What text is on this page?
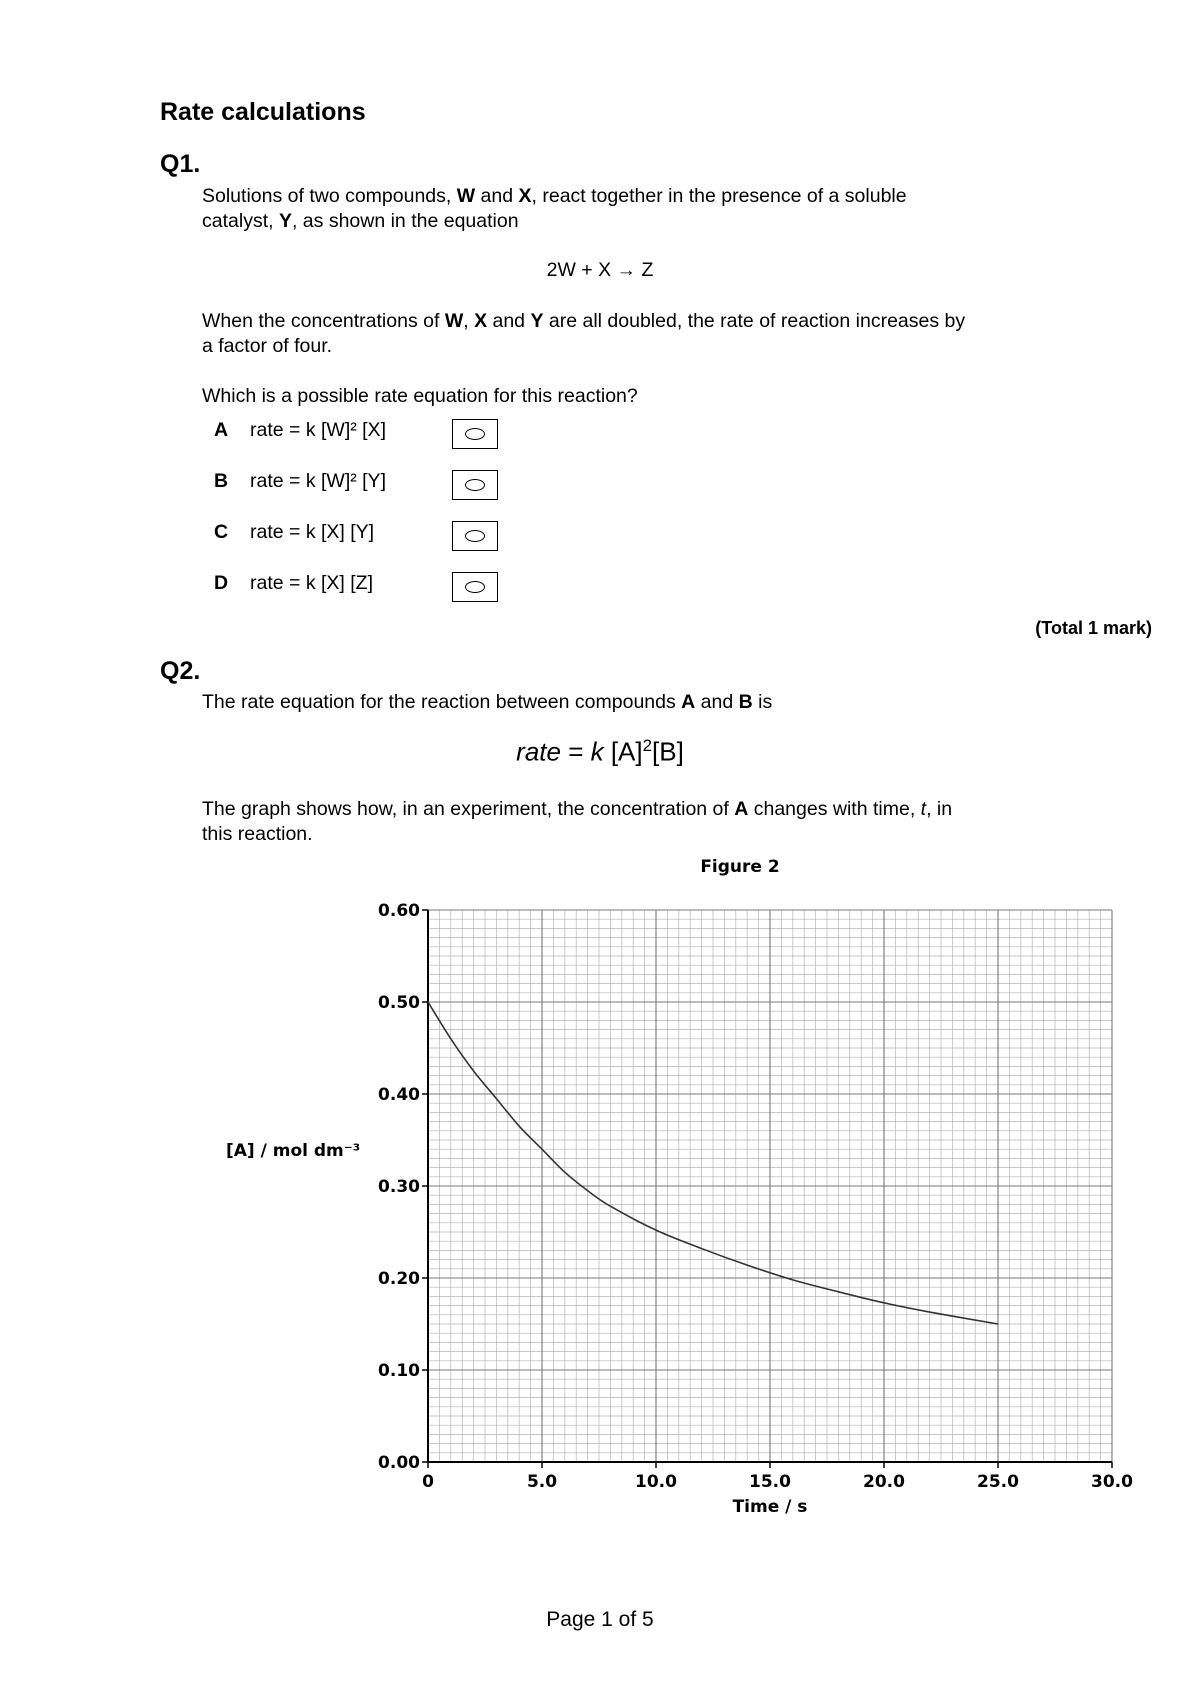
Rate calculations
Q1.
Solutions of two compounds, W and X, react together in the presence of a soluble
catalyst, Y, as shown in the equation
2W + X → Z
When the concentrations of W, X and Y are all doubled, the rate of reaction increases by
a factor of four.
Which is a possible rate equation for this reaction?
A rate = k [W]² [X]
B rate = k [W]² [Y]
C rate = k [X] [Y]
D rate = k [X] [Z]
(Total 1 mark)
Q2.
The rate equation for the reaction between compounds A and B is
rate = k $[A]^2[B]$
The graph shows how, in an experiment, the concentration of A changes with time, t, in
this reaction.
Figure 2
0	5.0	10.0	15.0	20.0	25.0	30.0
0.00
0.10
0.20
0.30
0.40
0.50
0.60
Time / s
[A] / mol dm⁻³
Page 1 of 5
